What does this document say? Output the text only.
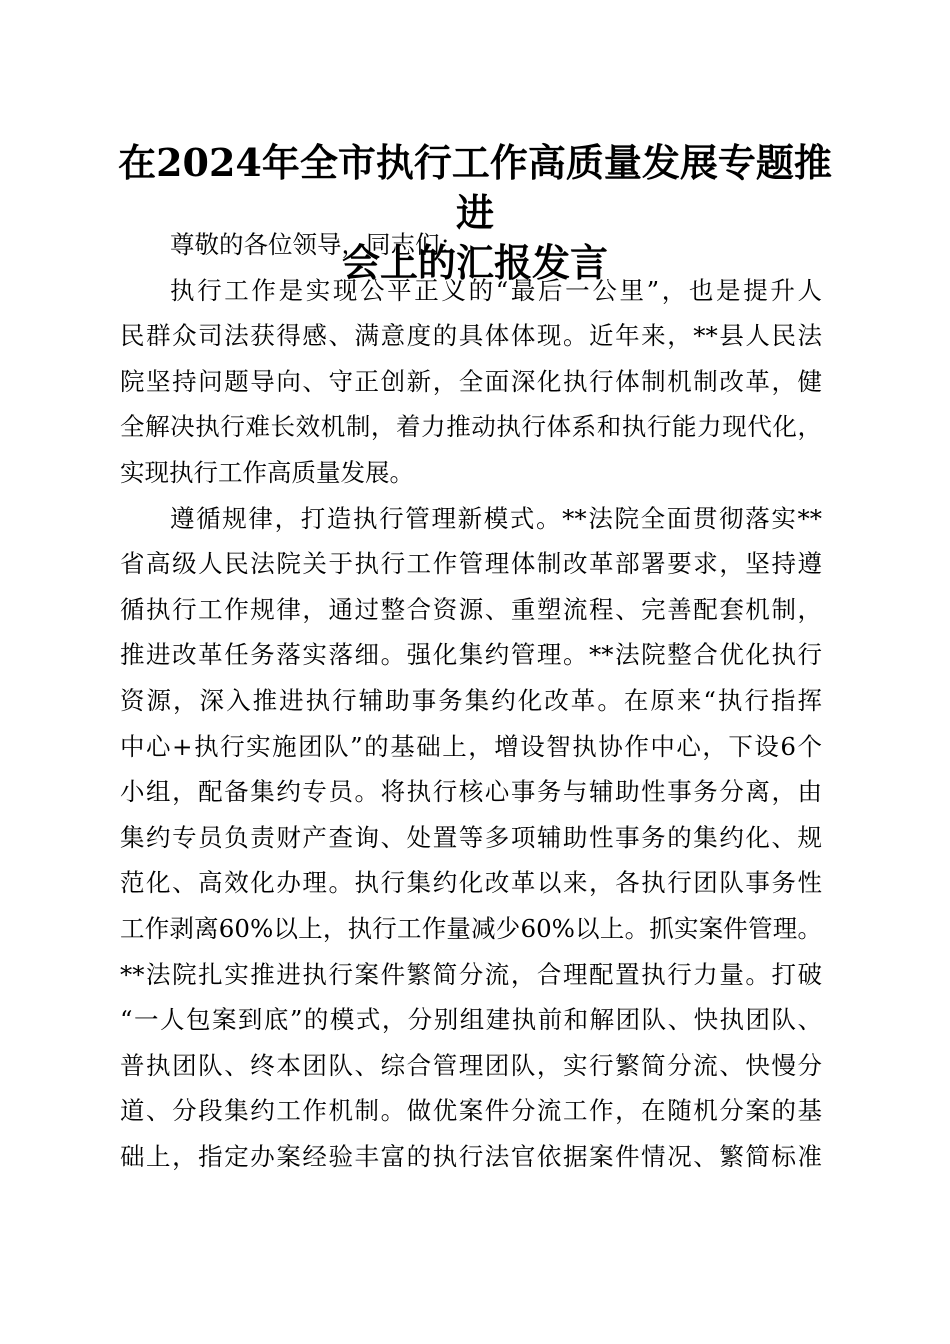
在2024年全市执行工作高质量发展专题推进
会上的汇报发言
尊敬的各位领导，同志们：
执行工作是实现公平正义的“最后一公里”，也是提升人
民群众司法获得感、满意度的具体体现。近年来，**县人民法
院坚持问题导向、守正创新，全面深化执行体制机制改革，健
全解决执行难长效机制，着力推动执行体系和执行能力现代化，
实现执行工作高质量发展。
遵循规律，打造执行管理新模式。**法院全面贯彻落实**
省高级人民法院关于执行工作管理体制改革部署要求，坚持遵
循执行工作规律，通过整合资源、重塑流程、完善配套机制，
推进改革任务落实落细。强化集约管理。**法院整合优化执行
资源，深入推进执行辅助事务集约化改革。在原来“执行指挥
中心+执行实施团队”的基础上，增设智执协作中心，下设6个
小组，配备集约专员。将执行核心事务与辅助性事务分离，由
集约专员负责财产查询、处置等多项辅助性事务的集约化、规
范化、高效化办理。执行集约化改革以来，各执行团队事务性
工作剥离60%以上，执行工作量减少60%以上。抓实案件管理。
**法院扎实推进执行案件繁简分流，合理配置执行力量。打破
“一人包案到底”的模式，分别组建执前和解团队、快执团队、
普执团队、终本团队、综合管理团队，实行繁简分流、快慢分
道、分段集约工作机制。做优案件分流工作，在随机分案的基
础上，指定办案经验丰富的执行法官依据案件情况、繁简标准
